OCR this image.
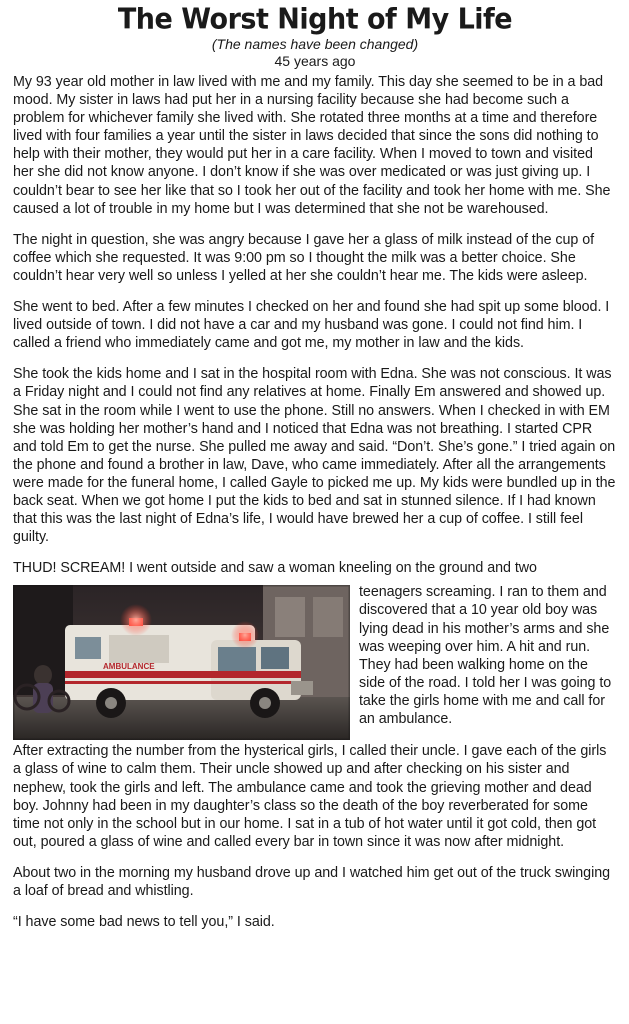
The Worst Night of My Life
(The names have been changed)
45 years ago

My 93 year old mother in law lived with me and my family. This day she seemed to be in a bad mood. My sister in laws had put her in a nursing facility because she had become such a problem for whichever family she lived with. She rotated three months at a time and therefore lived with four families a year until the sister in laws decided that since the sons did nothing to help with their mother, they would put her in a care facility. When I moved to town and visited her she did not know anyone. I don’t know if she was over medicated or was just giving up. I couldn’t bear to see her like that so I took her out of the facility and took her home with me. She caused a lot of trouble in my home but I was determined that she not be warehoused.

The night in question, she was angry because I gave her a glass of milk instead of the cup of coffee which she requested. It was 9:00 pm so I thought the milk was a better choice. She couldn’t hear very well so unless I yelled at her she couldn’t hear me. The kids were asleep.

She went to bed. After a few minutes I checked on her and found she had spit up some blood. I lived outside of town. I did not have a car and my husband was gone. I could not find him. I called a friend who immediately came and got me, my mother in law and the kids.

She took the kids home and I sat in the hospital room with Edna. She was not conscious. It was a Friday night and I could not find any relatives at home. Finally Em answered and showed up. She sat in the room while I went to use the phone. Still no answers. When I checked in with EM she was holding her mother’s hand and I noticed that Edna was not breathing. I started CPR and told Em to get the nurse. She pulled me away and said. “Don’t. She’s gone.” I tried again on the phone and found a brother in law, Dave, who came immediately. After all the arrangements were made for the funeral home, I called Gayle to picked me up. My kids were bundled up in the back seat. When we got home I put the kids to bed and sat in stunned silence. If I had known that this was the last night of Edna’s life, I would have brewed her a cup of coffee. I still feel guilty.

THUD! SCREAM! I went outside and saw a woman kneeling on the ground and two

AMBULANCE

teenagers screaming. I ran to them and discovered that a 10 year old boy was lying dead in his mother’s arms and she was weeping over him. A hit and run. They had been walking home on the side of the road. I told her I was going to take the girls home with me and call for an ambulance.

After extracting the number from the hysterical girls, I called their uncle. I gave each of the girls a glass of wine to calm them. Their uncle showed up and after checking on his sister and nephew, took the girls and left. The ambulance came and took the grieving mother and dead boy. Johnny had been in my daughter’s class so the death of the boy reverberated for some time not only in the school but in our home. I sat in a tub of hot water until it got cold, then got out, poured a glass of wine and called every bar in town since it was now after midnight.

About two in the morning my husband drove up and I watched him get out of the truck swinging a loaf of bread and whistling.

“I have some bad news to tell you,” I said.
